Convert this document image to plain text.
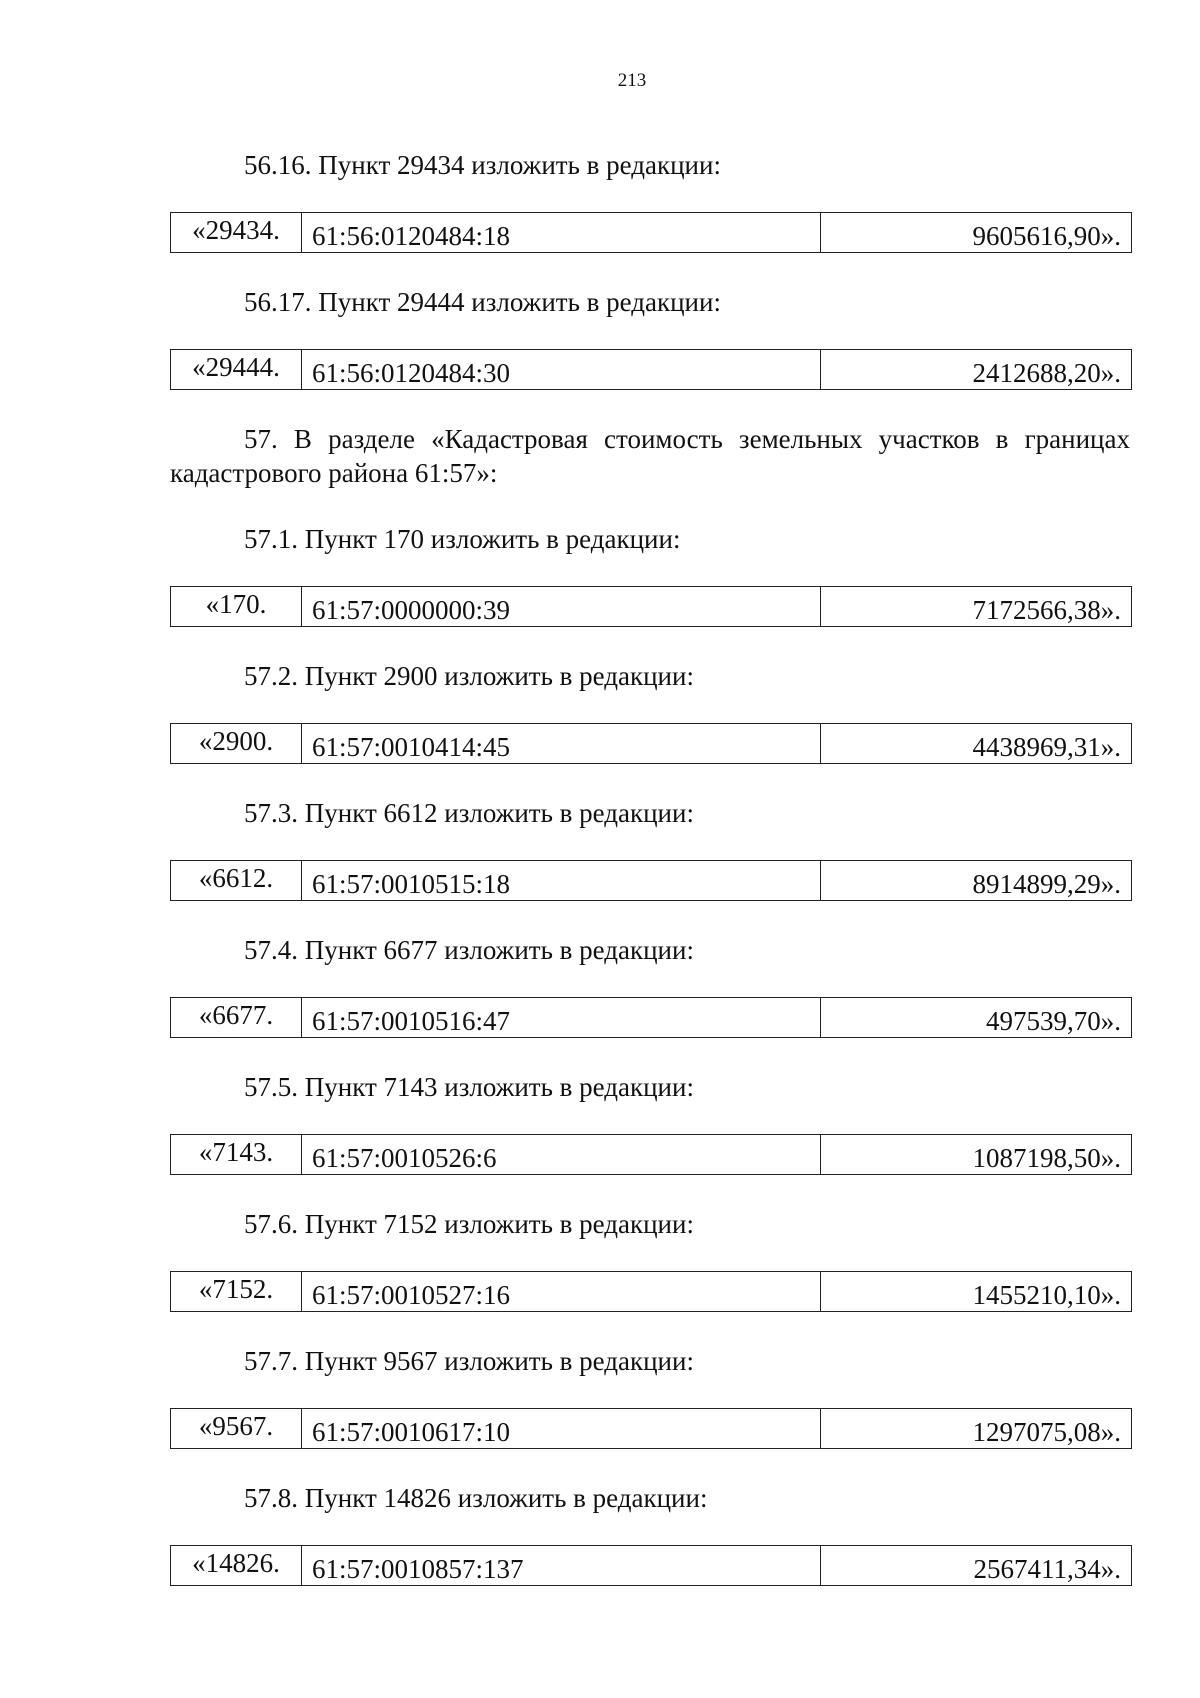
213

56.16. Пункт 29434 изложить в редакции:

«29434.	61:56:0120484:18	9605616,90».

56.17. Пункт 29444 изложить в редакции:

«29444.	61:56:0120484:30	2412688,20».

57. В разделе «Кадастровая стоимость земельных участков в границах кадастрового района 61:57»:

57.1. Пункт 170 изложить в редакции:

«170.	61:57:0000000:39	7172566,38».

57.2. Пункт 2900 изложить в редакции:

«2900.	61:57:0010414:45	4438969,31».

57.3. Пункт 6612 изложить в редакции:

«6612.	61:57:0010515:18	8914899,29».

57.4. Пункт 6677 изложить в редакции:

«6677.	61:57:0010516:47	497539,70».

57.5. Пункт 7143 изложить в редакции:

«7143.	61:57:0010526:6	1087198,50».

57.6. Пункт 7152 изложить в редакции:

«7152.	61:57:0010527:16	1455210,10».

57.7. Пункт 9567 изложить в редакции:

«9567.	61:57:0010617:10	1297075,08».

57.8. Пункт 14826 изложить в редакции:

«14826.	61:57:0010857:137	2567411,34».
